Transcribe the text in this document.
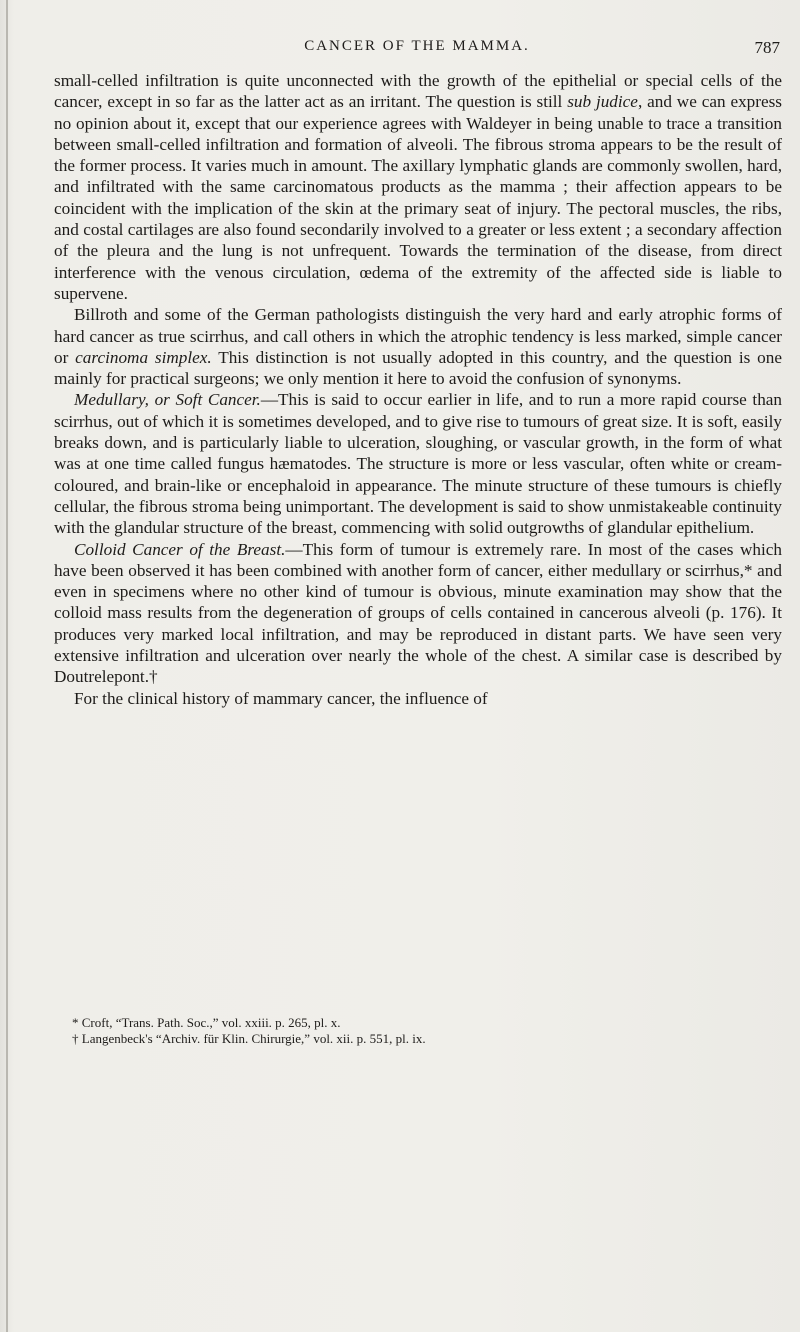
CANCER OF THE MAMMA.	787

small-celled infiltration is quite unconnected with the growth of the epithelial or special cells of the cancer, except in so far as the latter act as an irritant. The question is still sub judice, and we can express no opinion about it, except that our experience agrees with Waldeyer in being unable to trace a transition between small-celled infiltration and formation of alveoli. The fibrous stroma appears to be the result of the former process. It varies much in amount. The axillary lymphatic glands are commonly swollen, hard, and infiltrated with the same carcinomatous products as the mamma ; their affection appears to be coincident with the implication of the skin at the primary seat of injury. The pectoral muscles, the ribs, and costal cartilages are also found secondarily involved to a greater or less extent ; a secondary affection of the pleura and the lung is not unfrequent. Towards the termination of the disease, from direct interference with the venous circulation, œdema of the extremity of the affected side is liable to supervene.

Billroth and some of the German pathologists distinguish the very hard and early atrophic forms of hard cancer as true scirrhus, and call others in which the atrophic tendency is less marked, simple cancer or carcinoma simplex. This distinction is not usually adopted in this country, and the question is one mainly for practical surgeons; we only mention it here to avoid the confusion of synonyms.

Medullary, or Soft Cancer.—This is said to occur earlier in life, and to run a more rapid course than scirrhus, out of which it is sometimes developed, and to give rise to tumours of great size. It is soft, easily breaks down, and is particularly liable to ulceration, sloughing, or vascular growth, in the form of what was at one time called fungus hæmatodes. The structure is more or less vascular, often white or cream-coloured, and brain-like or encephaloid in appearance. The minute structure of these tumours is chiefly cellular, the fibrous stroma being unimportant. The development is said to show unmistakeable continuity with the glandular structure of the breast, commencing with solid outgrowths of glandular epithelium.

Colloid Cancer of the Breast.—This form of tumour is extremely rare. In most of the cases which have been observed it has been combined with another form of cancer, either medullary or scirrhus,* and even in specimens where no other kind of tumour is obvious, minute examination may show that the colloid mass results from the degeneration of groups of cells contained in cancerous alveoli (p. 176). It produces very marked local infiltration, and may be reproduced in distant parts. We have seen very extensive infiltration and ulceration over nearly the whole of the chest. A similar case is described by Doutrelepont.†

For the clinical history of mammary cancer, the influence of

* Croft, “Trans. Path. Soc.,” vol. xxiii. p. 265, pl. x.

† Langenbeck's “Archiv. für Klin. Chirurgie,” vol. xii. p. 551, pl. ix.
